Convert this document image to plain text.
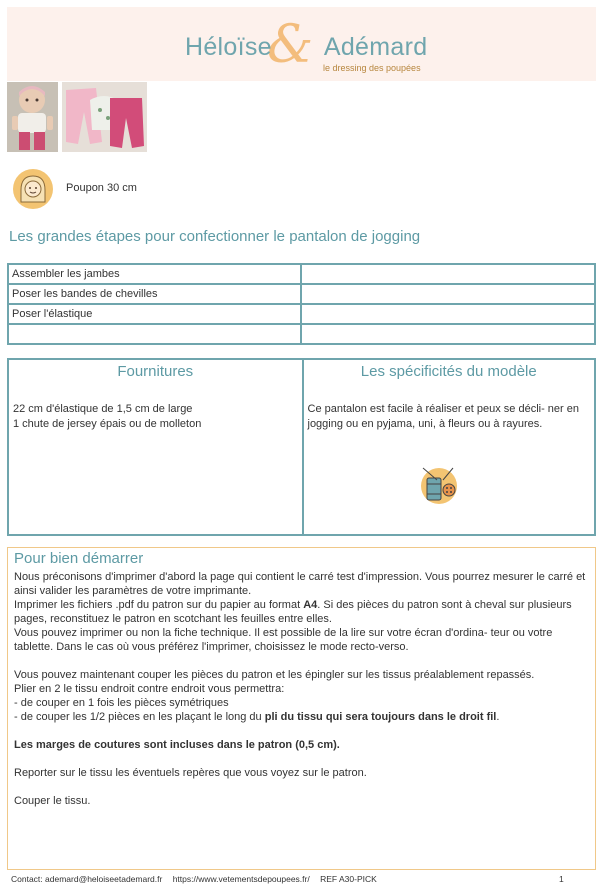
&
Héloïse Adémard
le dressing des poupées
Poupon 30 cm
Les grandes étapes pour confectionner le pantalon de jogging
Assembler les jambes	
Poser les bandes de chevilles	
Poser l'élastique	

Fournitures
22 cm d'élastique de 1,5 cm de large
1 chute de jersey épais ou de molleton
Les spécificités du modèle
Ce pantalon est facile à réaliser et peux se décli- ner en jogging ou en pyjama, uni, à fleurs ou à rayures.
Pour bien démarrer

Nous préconisons d'imprimer d'abord la page qui contient le carré test d'impression. Vous pourrez mesurer le carré et ainsi valider les paramètres de votre imprimante.

Imprimer les fichiers .pdf du patron sur du papier au format A4. Si des pièces du patron sont à cheval sur plusieurs pages, reconstituez le patron en scotchant les feuilles entre elles.

Vous pouvez imprimer ou non la fiche technique. Il est possible de la lire sur votre écran d'ordina- teur ou votre tablette. Dans le cas où vous préférez l'imprimer, choisissez le mode recto-verso.

Vous pouvez maintenant couper les pièces du patron et les épingler sur les tissus préalablement repassés.

Plier en 2 le tissu endroit contre endroit vous permettra:

- de couper en 1 fois les pièces symétriques

- de couper les 1/2 pièces en les plaçant le long du pli du tissu qui sera toujours dans le droit fil.

Les marges de coutures sont incluses dans le patron (0,5 cm).

Reporter sur le tissu les éventuels repères que vous voyez sur le patron.

Couper le tissu.

Contact: ademard@heloiseetademard.fr https://www.vetementsdepoupees.fr/ REF A30-PICK	1
